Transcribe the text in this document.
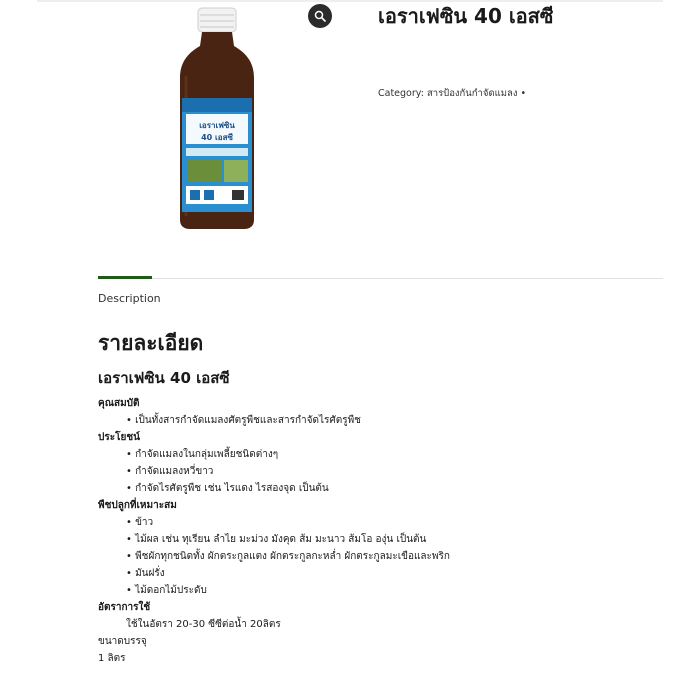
เอราเฟซิน
40 เอสซี
เอราเฟซิน 40 เอสซี
Category: สารป้องกันกำจัดแมลง •
Description
รายละเอียด
เอราเฟซิน 40 เอสซี
คุณสมบัติ
• เป็นทั้งสารกำจัดแมลงศัตรูพืชและสารกำจัดไรศัตรูพืช
ประโยชน์
• กำจัดแมลงในกลุ่มเพลี้ยชนิดต่างๆ
• กำจัดแมลงหวี่ขาว
• กำจัดไรศัตรูพืช เช่น ไรแดง ไรสองจุด เป็นต้น
พืชปลูกที่เหมาะสม
• ข้าว
• ไม้ผล เช่น ทุเรียน ลำไย มะม่วง มังคุด ส้ม มะนาว ส้มโอ องุ่น เป็นต้น
• พืชผักทุกชนิดทั้ง ผักตระกูลแตง ผักตระกูลกะหล่ำ ผักตระกูลมะเขือและพริก
• มันฝรั่ง
• ไม้ดอกไม้ประดับ
อัตราการใช้
ใช้ในอัตรา 20-30 ซีซีต่อน้ำ 20ลิตร
ขนาดบรรจุ
1 ลิตร
